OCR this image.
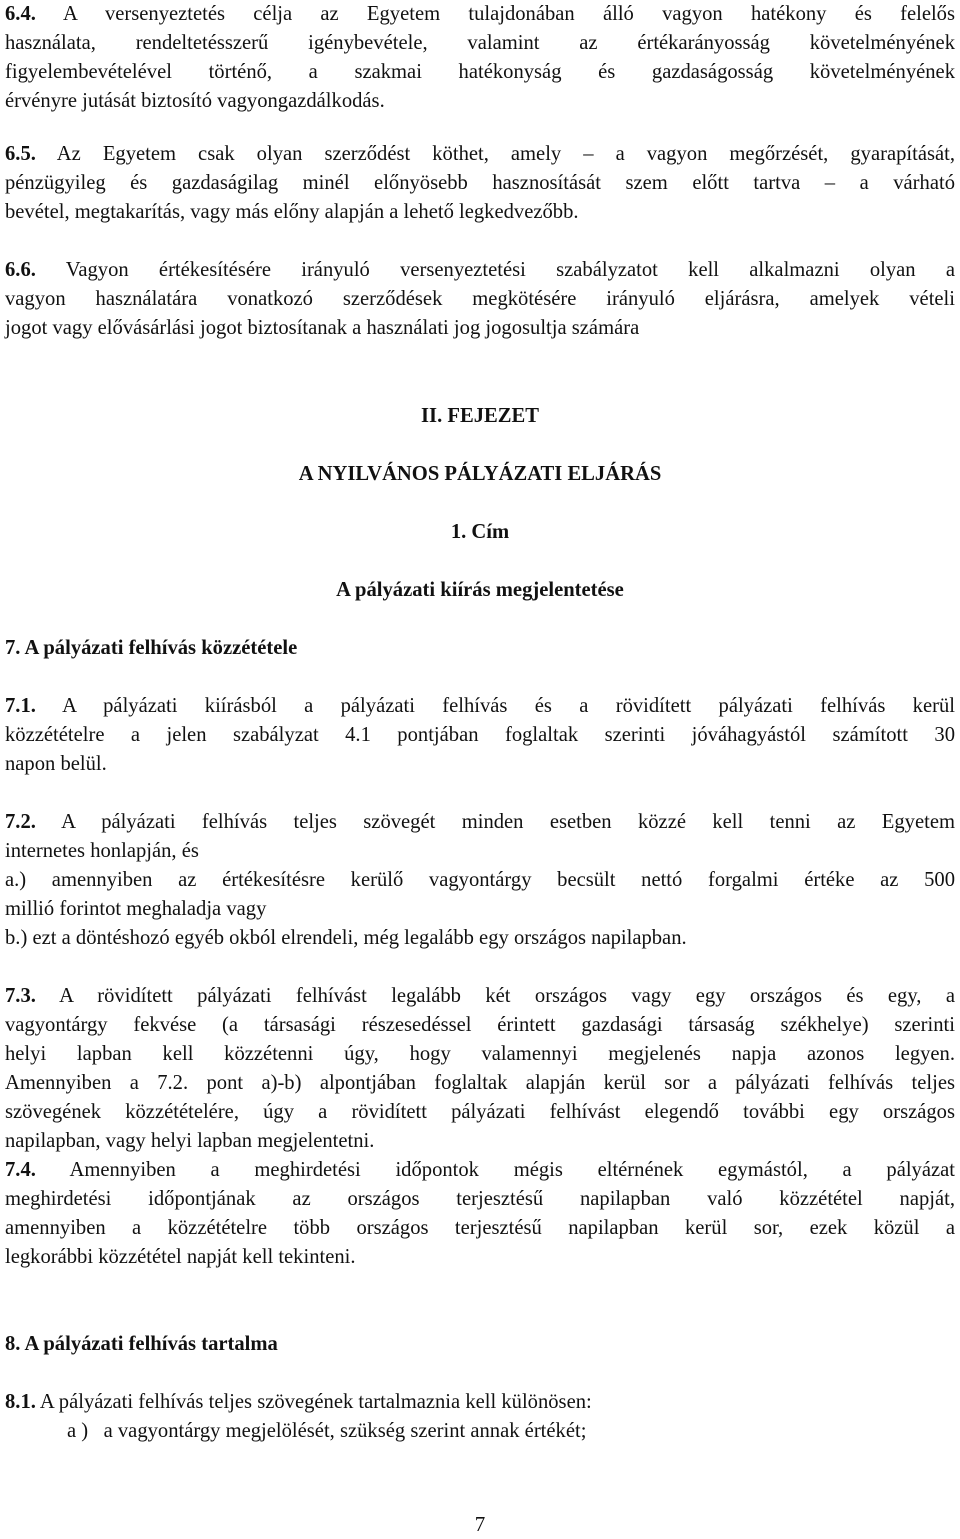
6.4. A versenyeztetés célja az Egyetem tulajdonában álló vagyon hatékony és felelős
használata, rendeltetésszerű igénybevétele, valamint az értékarányosság követelményének
figyelembevételével történő, a szakmai hatékonyság és gazdaságosság követelményének
érvényre jutását biztosító vagyongazdálkodás.
6.5. Az Egyetem csak olyan szerződést köthet, amely – a vagyon megőrzését, gyarapítását,
pénzügyileg és gazdaságilag minél előnyösebb hasznosítását szem előtt tartva – a várható
bevétel, megtakarítás, vagy más előny alapján a lehető legkedvezőbb.
6.6. Vagyon értékesítésére irányuló versenyeztetési szabályzatot kell alkalmazni olyan a
vagyon használatára vonatkozó szerződések megkötésére irányuló eljárásra, amelyek vételi
jogot vagy elővásárlási jogot biztosítanak a használati jog jogosultja számára
II. FEJEZET
A NYILVÁNOS PÁLYÁZATI ELJÁRÁS
1. Cím
A pályázati kiírás megjelentetése
7. A pályázati felhívás közzététele
7.1. A pályázati kiírásból a pályázati felhívás és a rövidített pályázati felhívás kerül
közzétételre a jelen szabályzat 4.1 pontjában foglaltak szerinti jóváhagyástól számított 30
napon belül.
7.2. A pályázati felhívás teljes szövegét minden esetben közzé kell tenni az Egyetem
internetes honlapján, és
a.) amennyiben az értékesítésre kerülő vagyontárgy becsült nettó forgalmi értéke az 500
millió forintot meghaladja vagy
b.) ezt a döntéshozó egyéb okból elrendeli, még legalább egy országos napilapban.
7.3. A rövidített pályázati felhívást legalább két országos vagy egy országos és egy, a
vagyontárgy fekvése (a társasági részesedéssel érintett gazdasági társaság székhelye) szerinti
helyi lapban kell közzétenni úgy, hogy valamennyi megjelenés napja azonos legyen.
Amennyiben a 7.2. pont a)-b) alpontjában foglaltak alapján kerül sor a pályázati felhívás teljes
szövegének közzétételére, úgy a rövidített pályázati felhívást elegendő további egy országos
napilapban, vagy helyi lapban megjelentetni.
7.4. Amennyiben a meghirdetési időpontok mégis eltérnének egymástól, a pályázat
meghirdetési időpontjának az országos terjesztésű napilapban való közzététel napját,
amennyiben a közzétételre több országos terjesztésű napilapban kerül sor, ezek közül a
legkorábbi közzététel napját kell tekinteni.
8. A pályázati felhívás tartalma
8.1. A pályázati felhívás teljes szövegének tartalmaznia kell különösen:
a )   a vagyontárgy megjelölését, szükség szerint annak értékét;
7
